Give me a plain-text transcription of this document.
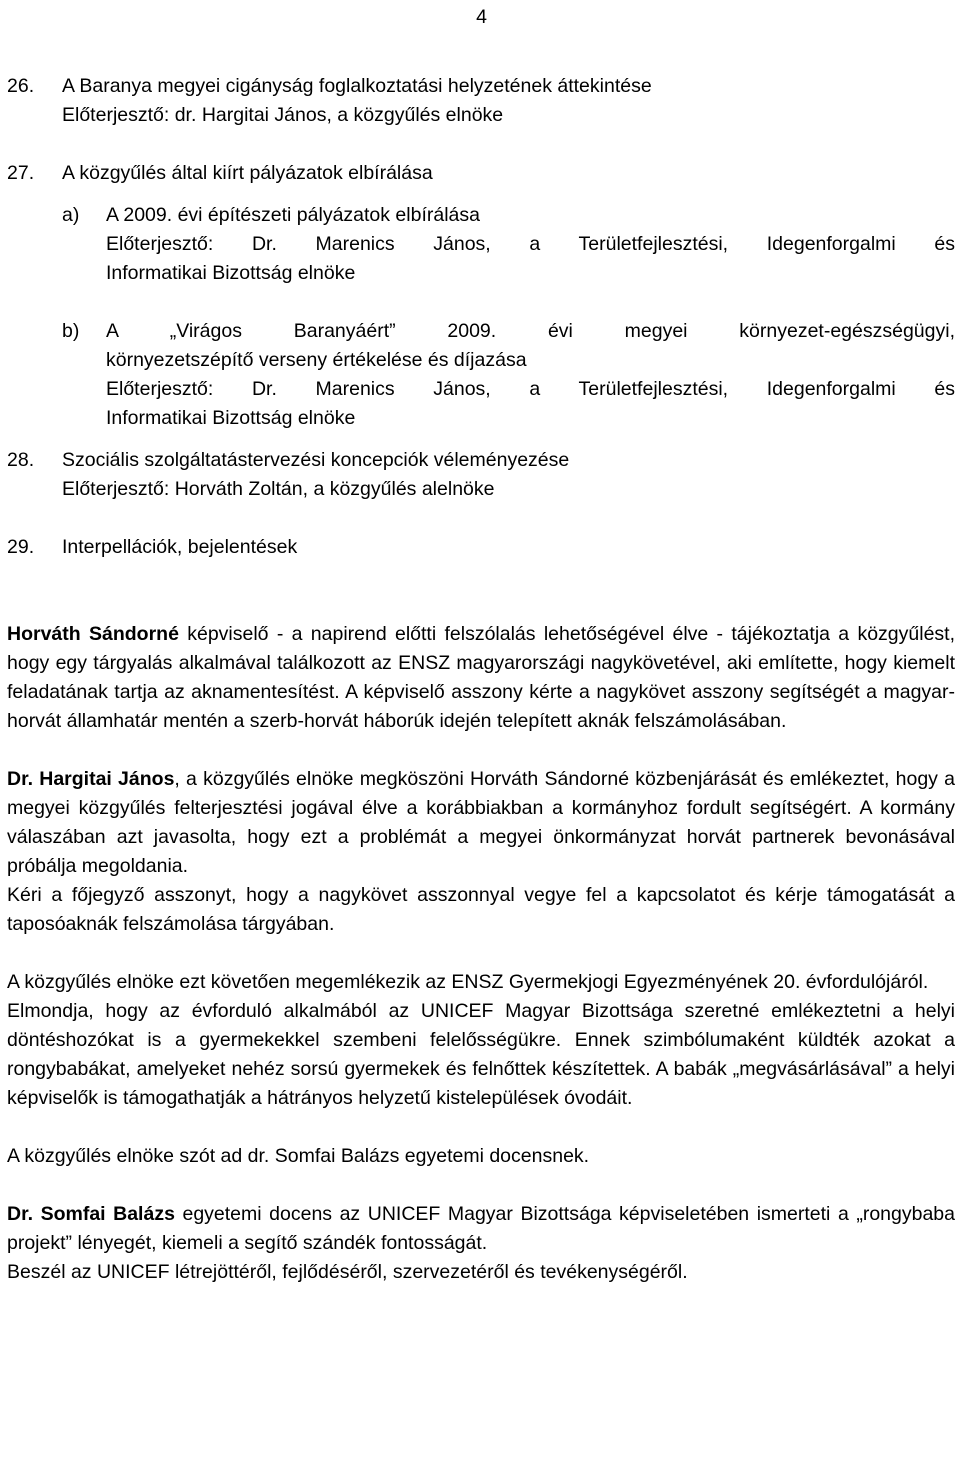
4
26. A Baranya megyei cigányság foglalkoztatási helyzetének áttekintése
Előterjesztő: dr. Hargitai János, a közgyűlés elnöke
27. A közgyűlés által kiírt pályázatok elbírálása
a) A 2009. évi építészeti pályázatok elbírálása
Előterjesztő: Dr. Marenics János, a Területfejlesztési, Idegenforgalmi és
Informatikai Bizottság elnöke
b) A „Virágos Baranyáért” 2009. évi megyei környezet-egészségügyi,
környezetszépítő verseny értékelése és díjazása
Előterjesztő: Dr. Marenics János, a Területfejlesztési, Idegenforgalmi és
Informatikai Bizottság elnöke
28. Szociális szolgáltatástervezési koncepciók véleményezése
Előterjesztő: Horváth Zoltán, a közgyűlés alelnöke
29. Interpellációk, bejelentések

Horváth Sándorné képviselő - a napirend előtti felszólalás lehetőségével élve - tájékoztatja a közgyűlést, hogy egy tárgyalás alkalmával találkozott az ENSZ magyarországi nagykövetével, aki említette, hogy kiemelt feladatának tartja az aknamentesítést. A képviselő asszony kérte a nagykövet asszony segítségét a magyar-horvát államhatár mentén a szerb-horvát háborúk idején telepített aknák felszámolásában.

Dr. Hargitai János, a közgyűlés elnöke megköszöni Horváth Sándorné közbenjárását és emlékeztet, hogy a megyei közgyűlés felterjesztési jogával élve a korábbiakban a kormányhoz fordult segítségért. A kormány válaszában azt javasolta, hogy ezt a problémát a megyei önkormányzat horvát partnerek bevonásával próbálja megoldania.

Kéri a főjegyző asszonyt, hogy a nagykövet asszonnyal vegye fel a kapcsolatot és kérje támogatását a taposóaknák felszámolása tárgyában.

A közgyűlés elnöke ezt követően megemlékezik az ENSZ Gyermekjogi Egyezményének 20. évfordulójáról.

Elmondja, hogy az évforduló alkalmából az UNICEF Magyar Bizottsága szeretné emlékeztetni a helyi döntéshozókat is a gyermekekkel szembeni felelősségükre. Ennek szimbólumaként küldték azokat a rongybabákat, amelyeket nehéz sorsú gyermekek és felnőttek készítettek. A babák „megvásárlásával” a helyi képviselők is támogathatják a hátrányos helyzetű kistelepülések óvodáit.

A közgyűlés elnöke szót ad dr. Somfai Balázs egyetemi docensnek.

Dr. Somfai Balázs egyetemi docens az UNICEF Magyar Bizottsága képviseletében ismerteti a „rongybaba projekt” lényegét, kiemeli a segítő szándék fontosságát.

Beszél az UNICEF létrejöttéről, fejlődéséről, szervezetéről és tevékenységéről.
